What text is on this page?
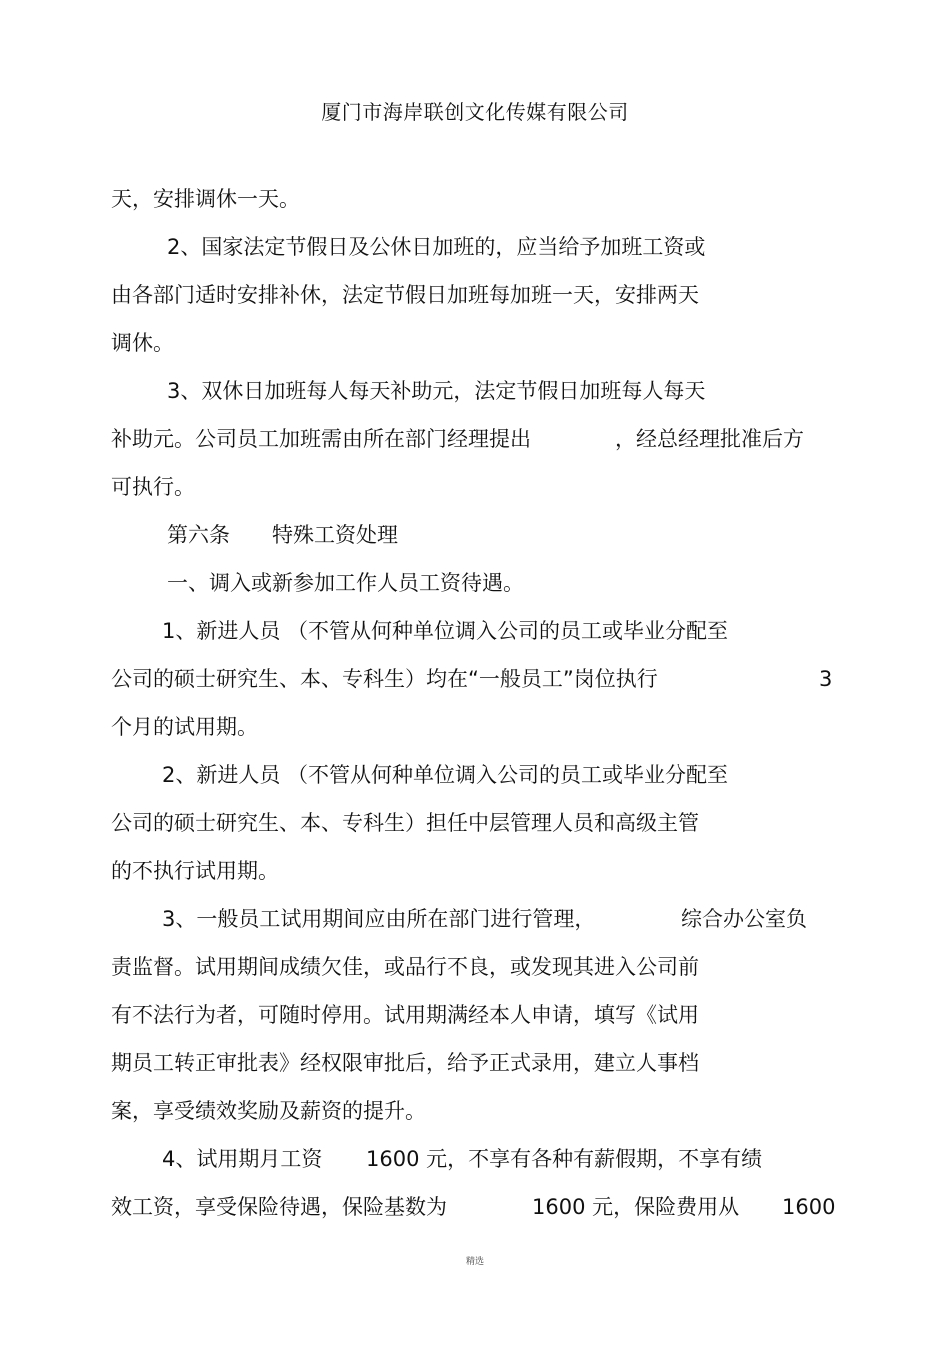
厦门市海岸联创文化传媒有限公司
天，安排调休一天。
2、国家法定节假日及公休日加班的，应当给予加班工资或
由各部门适时安排补休，法定节假日加班每加班一天，安排两天
调休。
3、双休日加班每人每天补助元，法定节假日加班每人每天
补助元。公司员工加班需由所在部门经理提出	，经总经理批准后方
可执行。
第六条 特殊工资处理
一、调入或新参加工作人员工资待遇。
1、新进人员 （不管从何种单位调入公司的员工或毕业分配至
公司的硕士研究生、本、专科生）均在“一般员工”岗位执行	3
个月的试用期。
2、新进人员 （不管从何种单位调入公司的员工或毕业分配至
公司的硕士研究生、本、专科生）担任中层管理人员和高级主管
的不执行试用期。
3、一般员工试用期间应由所在部门进行管理，	综合办公室负
责监督。试用期间成绩欠佳，或品行不良，或发现其进入公司前
有不法行为者，可随时停用。试用期满经本人申请，填写《试用
期员工转正审批表》经权限审批后，给予正式录用，建立人事档
案，享受绩效奖励及薪资的提升。
4、试用期月工资 1600 元，不享有各种有薪假期，不享有绩
效工资，享受保险待遇，保险基数为	1600 元，保险费用从 1600
精选
